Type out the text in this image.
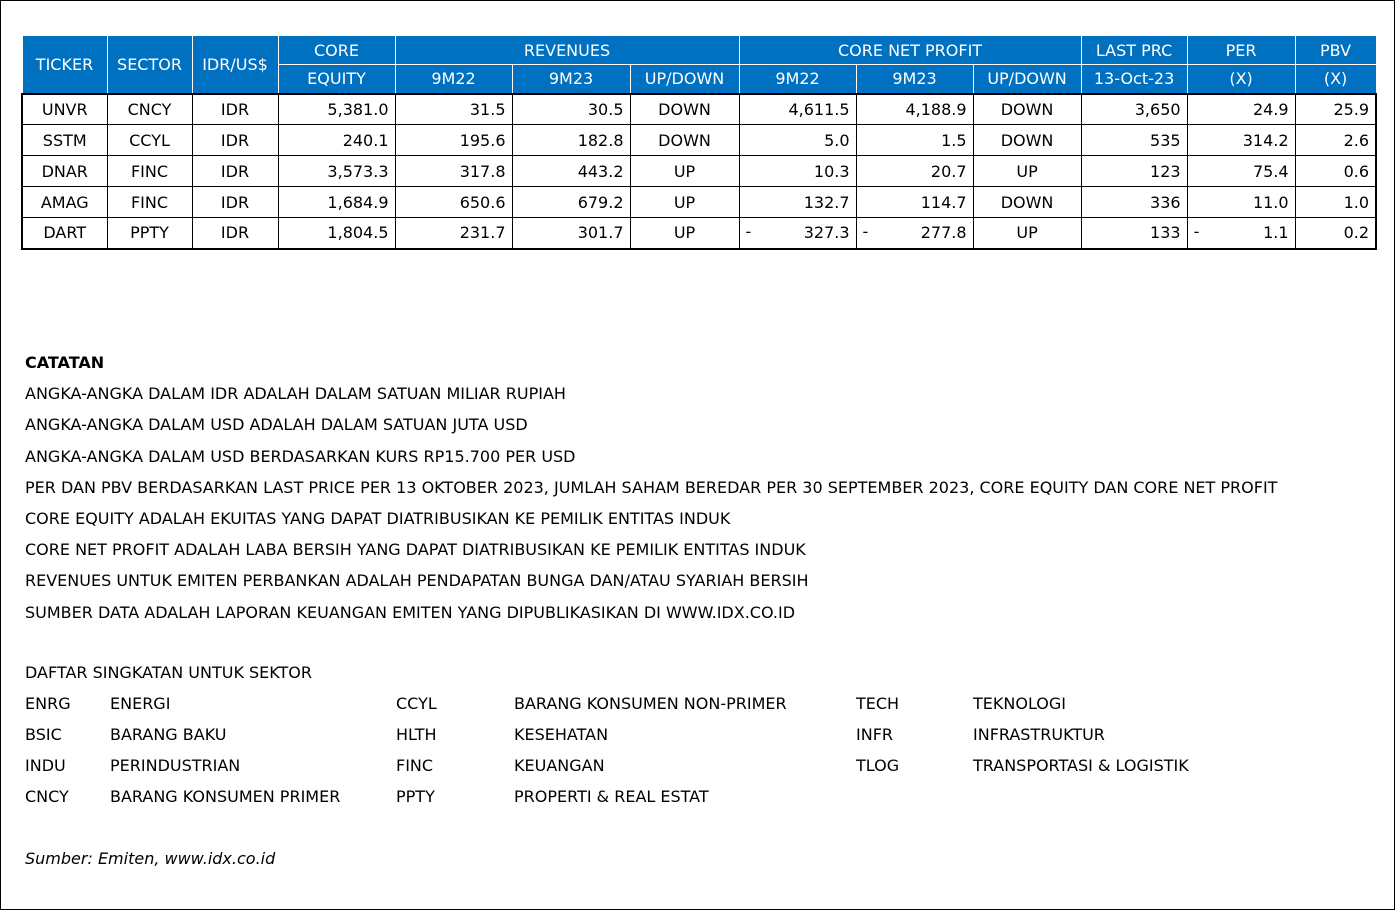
TICKER	SECTOR	IDR/US$	CORE	REVENUES			CORE NET PROFIT			LAST PRC	PER	PBV
			EQUITY	9M22	9M23	UP/DOWN	9M22	9M23	UP/DOWN	13-Oct-23	(X)	(X)
UNVR	CNCY	IDR	5,381.0	31.5	30.5	DOWN	4,611.5	4,188.9	DOWN	3,650	24.9	25.9
SSTM	CCYL	IDR	240.1	195.6	182.8	DOWN	5.0	1.5	DOWN	535	314.2	2.6
DNAR	FINC	IDR	3,573.3	317.8	443.2	UP	10.3	20.7	UP	123	75.4	0.6
AMAG	FINC	IDR	1,684.9	650.6	679.2	UP	132.7	114.7	DOWN	336	11.0	1.0
DART	PPTY	IDR	1,804.5	231.7	301.7	UP	- 327.3	- 277.8	UP	133	- 1.1	0.2
CATATAN
ANGKA-ANGKA DALAM IDR ADALAH DALAM SATUAN MILIAR RUPIAH
ANGKA-ANGKA DALAM USD ADALAH DALAM SATUAN JUTA USD
ANGKA-ANGKA DALAM USD BERDASARKAN KURS RP15.700 PER USD
PER DAN PBV BERDASARKAN LAST PRICE PER 13 OKTOBER 2023, JUMLAH SAHAM BEREDAR PER 30 SEPTEMBER 2023, CORE EQUITY DAN CORE NET PROFIT
CORE EQUITY ADALAH EKUITAS YANG DAPAT DIATRIBUSIKAN KE PEMILIK ENTITAS INDUK
CORE NET PROFIT ADALAH LABA BERSIH YANG DAPAT DIATRIBUSIKAN KE PEMILIK ENTITAS INDUK
REVENUES UNTUK EMITEN PERBANKAN ADALAH PENDAPATAN BUNGA DAN/ATAU SYARIAH BERSIH
SUMBER DATA ADALAH LAPORAN KEUANGAN EMITEN YANG DIPUBLIKASIKAN DI WWW.IDX.CO.ID
DAFTAR SINGKATAN UNTUK SEKTOR
ENRG ENERGI	CCYL	BARANG KONSUMEN NON-PRIMER	TECH	TEKNOLOGI
BSIC	BARANG BAKU	HLTH	KESEHATAN	INFR	INFRASTRUKTUR
INDU	PERINDUSTRIAN	FINC	KEUANGAN	TLOG	TRANSPORTASI & LOGISTIK
CNCY	BARANG KONSUMEN PRIMER	PPTY	PROPERTI & REAL ESTAT
Sumber: Emiten, www.idx.co.id
